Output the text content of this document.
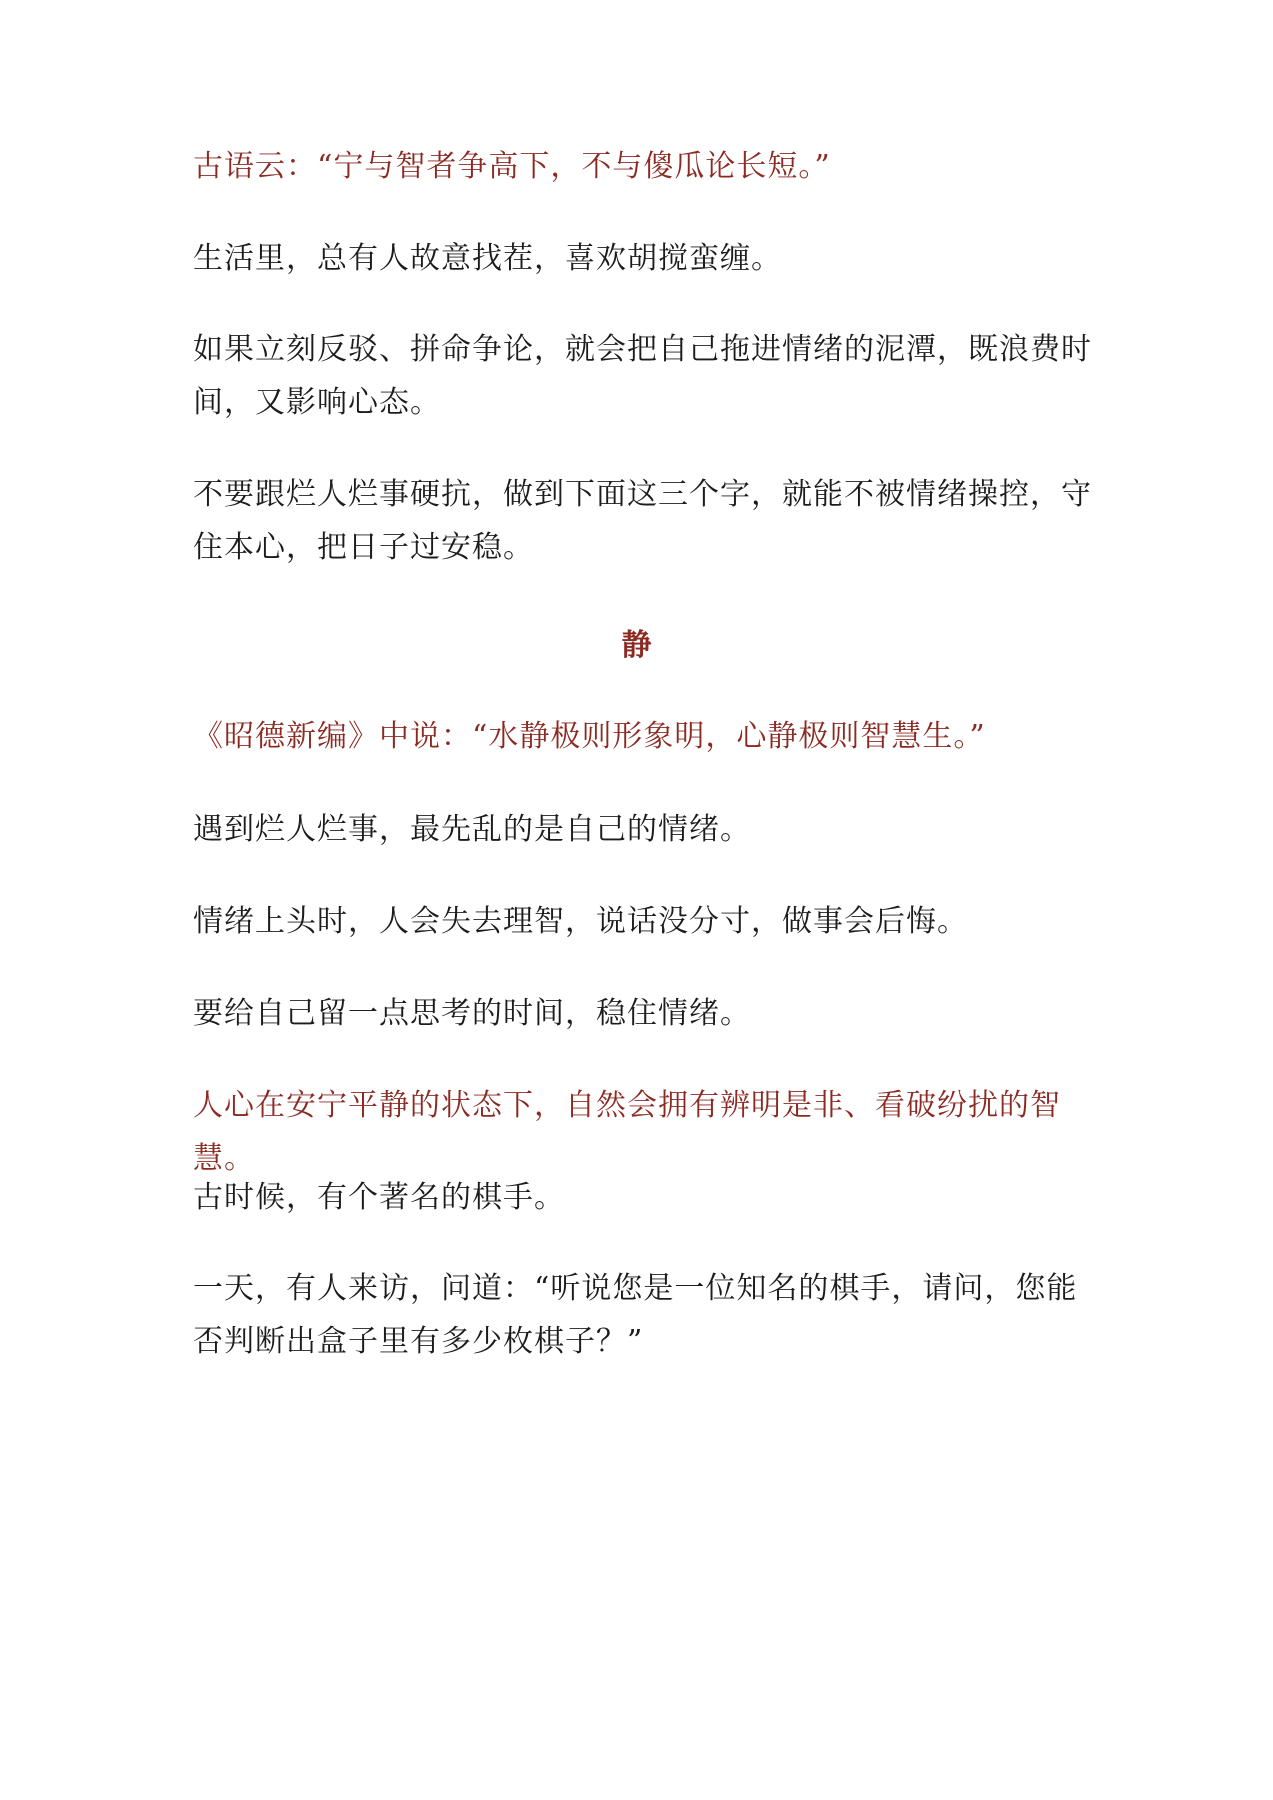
古语云：“宁与智者争高下，不与傻瓜论长短。”

生活里，总有人故意找茬，喜欢胡搅蛮缠。

如果立刻反驳、拼命争论，就会把自己拖进情绪的泥潭，既浪费时间，又影响心态。

不要跟烂人烂事硬抗，做到下面这三个字，就能不被情绪操控，守住本心，把日子过安稳。

静

《昭德新编》中说：“水静极则形象明，心静极则智慧生。”

遇到烂人烂事，最先乱的是自己的情绪。

情绪上头时，人会失去理智，说话没分寸，做事会后悔。

要给自己留一点思考的时间，稳住情绪。

人心在安宁平静的状态下，自然会拥有辨明是非、看破纷扰的智慧。

古时候，有个著名的棋手。

一天，有人来访，问道：“听说您是一位知名的棋手，请问，您能否判断出盒子里有多少枚棋子？”
